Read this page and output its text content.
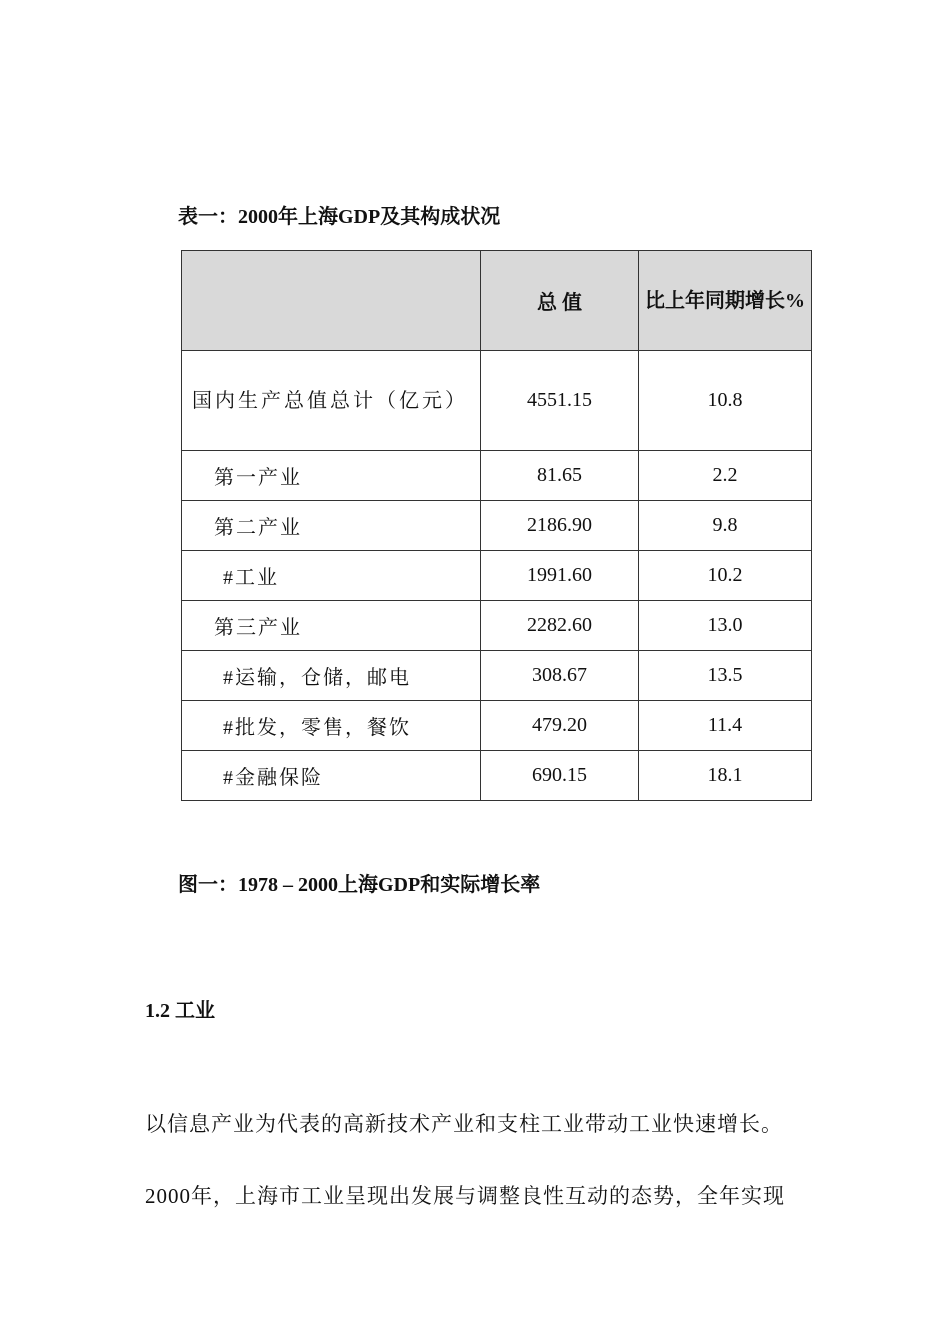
表一：2000年上海GDP及其构成状况
	总 值	比上年同期增长%
国内生产总值总计（亿元）	4551.15	10.8
第一产业	81.65	2.2
第二产业	2186.90	9.8
#工业	1991.60	10.2
第三产业	2282.60	13.0
#运输，仓储，邮电	308.67	13.5
#批发，零售，餐饮	479.20	11.4
#金融保险	690.15	18.1
图一：1978 – 2000上海GDP和实际增长率
1.2 工业
以信息产业为代表的高新技术产业和支柱工业带动工业快速增长。
2000年，上海市工业呈现出发展与调整良性互动的态势，全年实现
